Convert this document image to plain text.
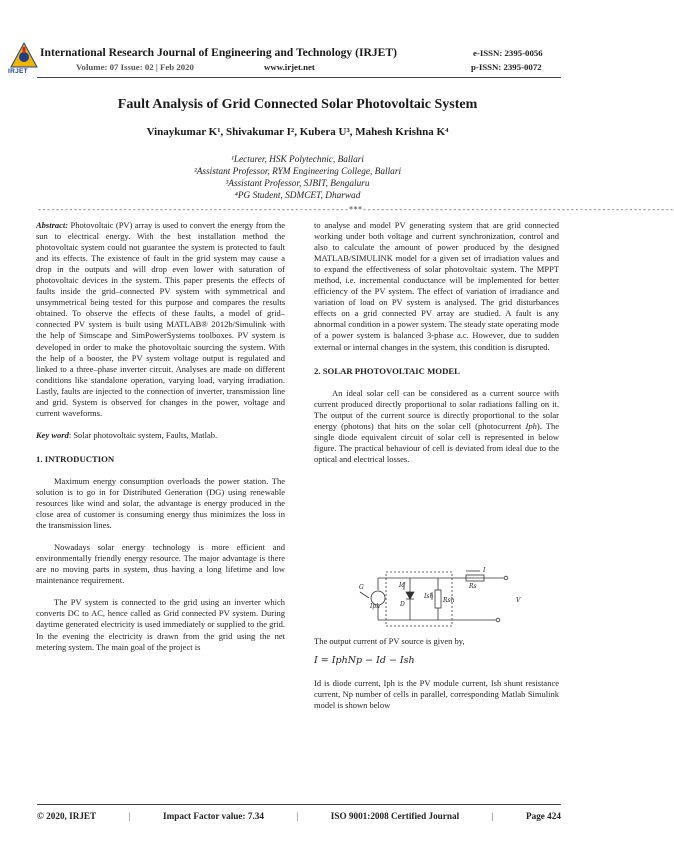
IRJET
International Research Journal of Engineering and Technology (IRJET)
Volume: 07 Issue: 02 | Feb 2020	www.irjet.net
e-ISSN: 2395-0056
p-ISSN: 2395-0072
Fault Analysis of Grid Connected Solar Photovoltaic System
Vinaykumar K¹, Shivakumar I², Kubera U³, Mahesh Krishna K⁴
¹Lecturer, HSK Polytechnic, Ballari
²Assistant Professor, RYM Engineering College, Ballari
³Assistant Professor, SJBIT, Bengaluru
⁴PG Student, SDMCET, Dharwad
---------------------------------------------------------------------***---------------------------------------------------------------------

Abstract: Photovoltaic (PV) array is used to convert the energy from the sun to electrical energy. With the best installation method the photovoltaic system could not guarantee the system is protected to fault and its effects. The existence of fault in the grid system may cause a drop in the outputs and will drop even lower with saturation of photovoltaic devices in the system. This paper presents the effects of faults inside the grid–connected PV system with symmetrical and unsymmetrical being tested for this purpose and compares the results obtained. To observe the effects of these faults, a model of grid–connected PV system is built using MATLAB® 2012b/Simulink with the help of Simscape and SimPowerSystems toolboxes. PV system is developed in order to make the photovoltaic sourcing the system. With the help of a booster, the PV system voltage output is regulated and linked to a three–phase inverter circuit. Analyses are made on different conditions like standalone operation, varying load, varying irradiation. Lastly, faults are injected to the connection of inverter, transmission line and grid. System is observed for changes in the power, voltage and current waveforms.

Key word: Solar photovoltaic system, Faults, Matlab.

1. INTRODUCTION

Maximum energy consumption overloads the power station. The solution is to go in for Distributed Generation (DG) using renewable resources like wind and solar, the advantage is energy produced in the close area of customer is consuming energy thus minimizes the loss in the transmission lines.

Nowadays solar energy technology is more efficient and environmentally friendly energy resource. The major advantage is there are no moving parts in system, thus having a long lifetime and low maintenance requirement.

The PV system is connected to the grid using an inverter which converts DC to AC, hence called as Grid connected PV system. During daytime generated electricity is used immediately or supplied to the grid. In the evening the electricity is drawn from the grid using the net metering system. The main goal of the project is

to analyse and model PV generating system that are grid connected working under both voltage and current synchronization, control and also to calculate the amount of power produced by the designed MATLAB/SIMULINK model for a given set of irradiation values and to expand the effectiveness of solar photovoltaic system. The MPPT method, i.e. incremental conductance will be implemented for better efficiency of the PV system. The effect of variation of irradiance and variation of load on PV system is analysed. The grid disturbances effects on a grid connected PV array are studied. A fault is any abnormal condition in a power system. The steady state operating mode of a power system is balanced 3-phase a.c. However, due to sudden external or internal changes in the system, this condition is disrupted.

2. SOLAR PHOTOVOLTAIC MODEL

An ideal solar cell can be considered as a current source with current produced directly proportional to solar radiations falling on it. The output of the current source is directly proportional to the solar energy (photons) that hits on the solar cell (photocurrent Iph). The single diode equivalent circuit of solar cell is represented in below figure. The practical behaviour of cell is deviated from ideal due to the optical and electrical losses.

G
Iph
Id
D
Ish
Rsh
Rs
I
V

The output current of PV source is given by,

I = IphNp − Id − Ish

Id is diode current, Iph is the PV module current, Ish shunt resistance current, Np number of cells in parallel, corresponding Matlab Simulink model is shown below

© 2020, IRJET	|	Impact Factor value: 7.34	|	ISO 9001:2008 Certified Journal	|	Page 424
